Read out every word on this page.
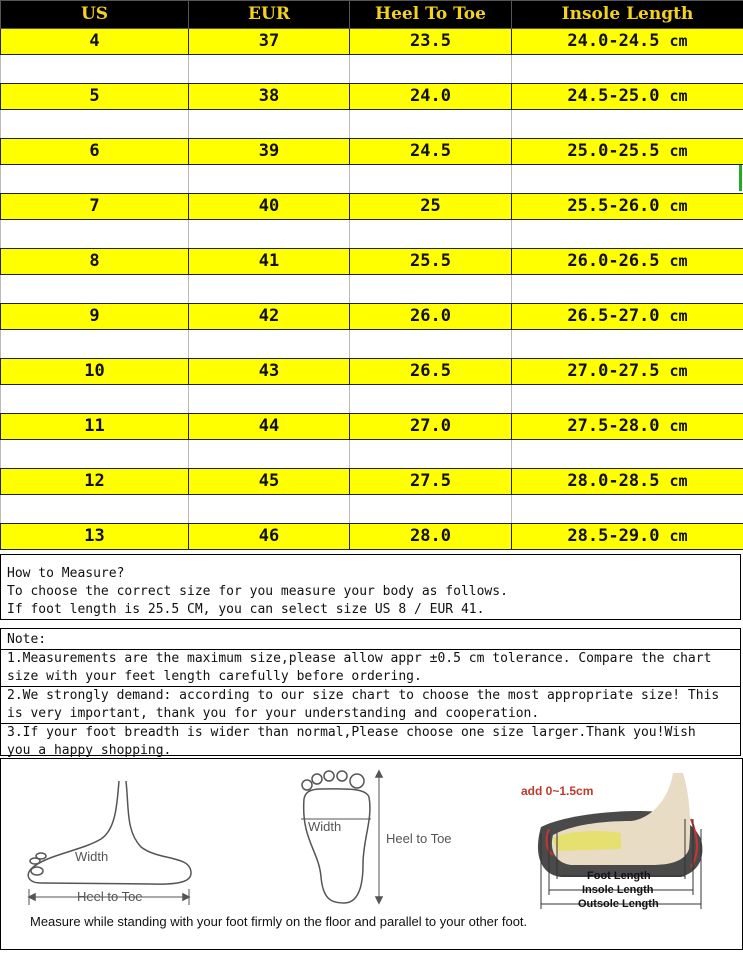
US	EUR	Heel To Toe	Insole Length
4	37	23.5	24.0-24.5 cm

5	38	24.0	24.5-25.0 cm

6	39	24.5	25.0-25.5 cm

7	40	25	25.5-26.0 cm

8	41	25.5	26.0-26.5 cm

9	42	26.0	26.5-27.0 cm

10	43	26.5	27.0-27.5 cm

11	44	27.0	27.5-28.0 cm

12	45	27.5	28.0-28.5 cm

13	46	28.0	28.5-29.0 cm
How to Measure?
To choose the correct size for you measure your body as follows.
If foot length is 25.5 CM, you can select size US 8 / EUR 41.
Note:
1.Measurements are the maximum size,please allow appr ±0.5 cm tolerance. Compare the chart
size with your feet length carefully before ordering.
2.We strongly demand: according to our size chart to choose the most appropriate size! This
is very important, thank you for your understanding and cooperation.
3.If your foot breadth is wider than normal,Please choose one size larger.Thank you!Wish
you a happy shopping.
Width
Heel to Toe
Width
Heel to Toe
add 0~1.5cm
Foot Length
Insole Length
Outsole Length
Measure while standing with your foot firmly on the floor and parallel to your other foot.
